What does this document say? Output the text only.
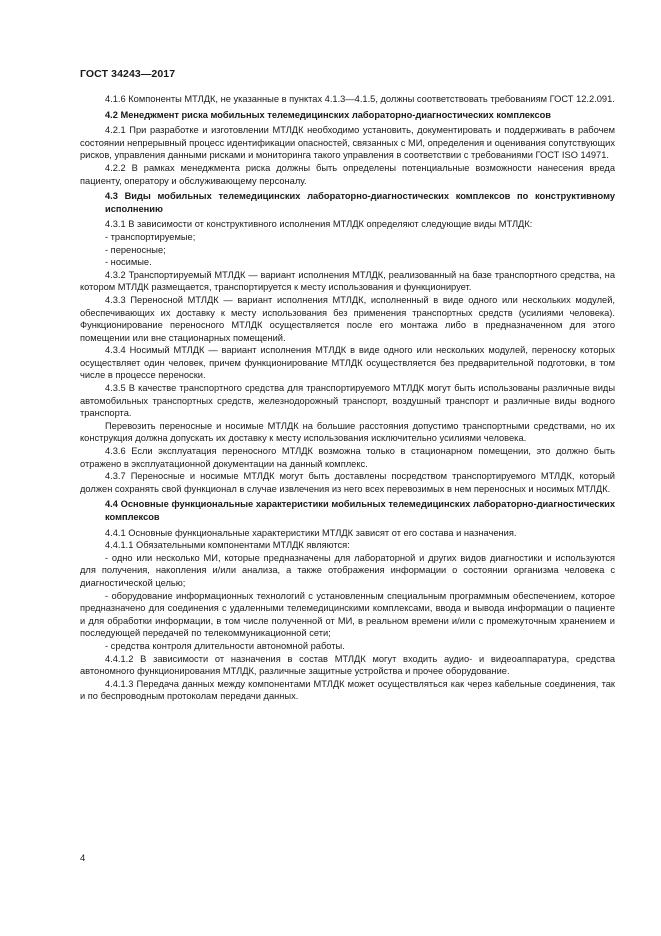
ГОСТ 34243—2017

4.1.6 Компоненты МТЛДК, не указанные в пунктах 4.1.3—4.1.5, должны соответствовать требованиям ГОСТ 12.2.091.

4.2 Менеджмент риска мобильных телемедицинских лабораторно-диагностических комплексов

4.2.1 При разработке и изготовлении МТЛДК необходимо установить, документировать и поддерживать в рабочем состоянии непрерывный процесс идентификации опасностей, связанных с МИ, определения и оценивания сопутствующих рисков, управления данными рисками и мониторинга такого управления в соответствии с требованиями ГОСТ ISO 14971.

4.2.2 В рамках менеджмента риска должны быть определены потенциальные возможности нанесения вреда пациенту, оператору и обслуживающему персоналу.

4.3 Виды мобильных телемедицинских лабораторно-диагностических комплексов по конструктивному исполнению

4.3.1 В зависимости от конструктивного исполнения МТЛДК определяют следующие виды МТЛДК:

- транспортируемые;

- переносные;

- носимые.

4.3.2 Транспортируемый МТЛДК — вариант исполнения МТЛДК, реализованный на базе транспортного средства, на котором МТЛДК размещается, транспортируется к месту использования и функционирует.

4.3.3 Переносной МТЛДК — вариант исполнения МТЛДК, исполненный в виде одного или нескольких модулей, обеспечивающих их доставку к месту использования без применения транспортных средств (усилиями человека). Функционирование переносного МТЛДК осуществляется после его монтажа либо в предназначенном для этого помещении или вне стационарных помещений.

4.3.4 Носимый МТЛДК — вариант исполнения МТЛДК в виде одного или нескольких модулей, переноску которых осуществляет один человек, причем функционирование МТЛДК осуществляется без предварительной подготовки, в том числе в процессе переноски.

4.3.5 В качестве транспортного средства для транспортируемого МТЛДК могут быть использованы различные виды автомобильных транспортных средств, железнодорожный транспорт, воздушный транспорт и различные виды водного транспорта.

Перевозить переносные и носимые МТЛДК на большие расстояния допустимо транспортными средствами, но их конструкция должна допускать их доставку к месту использования исключительно усилиями человека.

4.3.6 Если эксплуатация переносного МТЛДК возможна только в стационарном помещении, это должно быть отражено в эксплуатационной документации на данный комплекс.

4.3.7 Переносные и носимые МТЛДК могут быть доставлены посредством транспортируемого МТЛДК, который должен сохранять свой функционал в случае извлечения из него всех перевозимых в нем переносных и носимых МТЛДК.

4.4 Основные функциональные характеристики мобильных телемедицинских лабораторно-диагностических комплексов

4.4.1 Основные функциональные характеристики МТЛДК зависят от его состава и назначения.

4.4.1.1 Обязательными компонентами МТЛДК являются:

- одно или несколько МИ, которые предназначены для лабораторной и других видов диагностики и используются для получения, накопления и/или анализа, а также отображения информации о состоянии организма человека с диагностической целью;

- оборудование информационных технологий с установленным специальным программным обеспечением, которое предназначено для соединения с удаленными телемедицинскими комплексами, ввода и вывода информации о пациенте и для обработки информации, в том числе полученной от МИ, в реальном времени и/или с промежуточным хранением и последующей передачей по телекоммуникационной сети;

- средства контроля длительности автономной работы.

4.4.1.2 В зависимости от назначения в состав МТЛДК могут входить аудио- и видеоаппаратура, средства автономного функционирования МТЛДК, различные защитные устройства и прочее оборудование.

4.4.1.3 Передача данных между компонентами МТЛДК может осуществляться как через кабельные соединения, так и по беспроводным протоколам передачи данных.

4
